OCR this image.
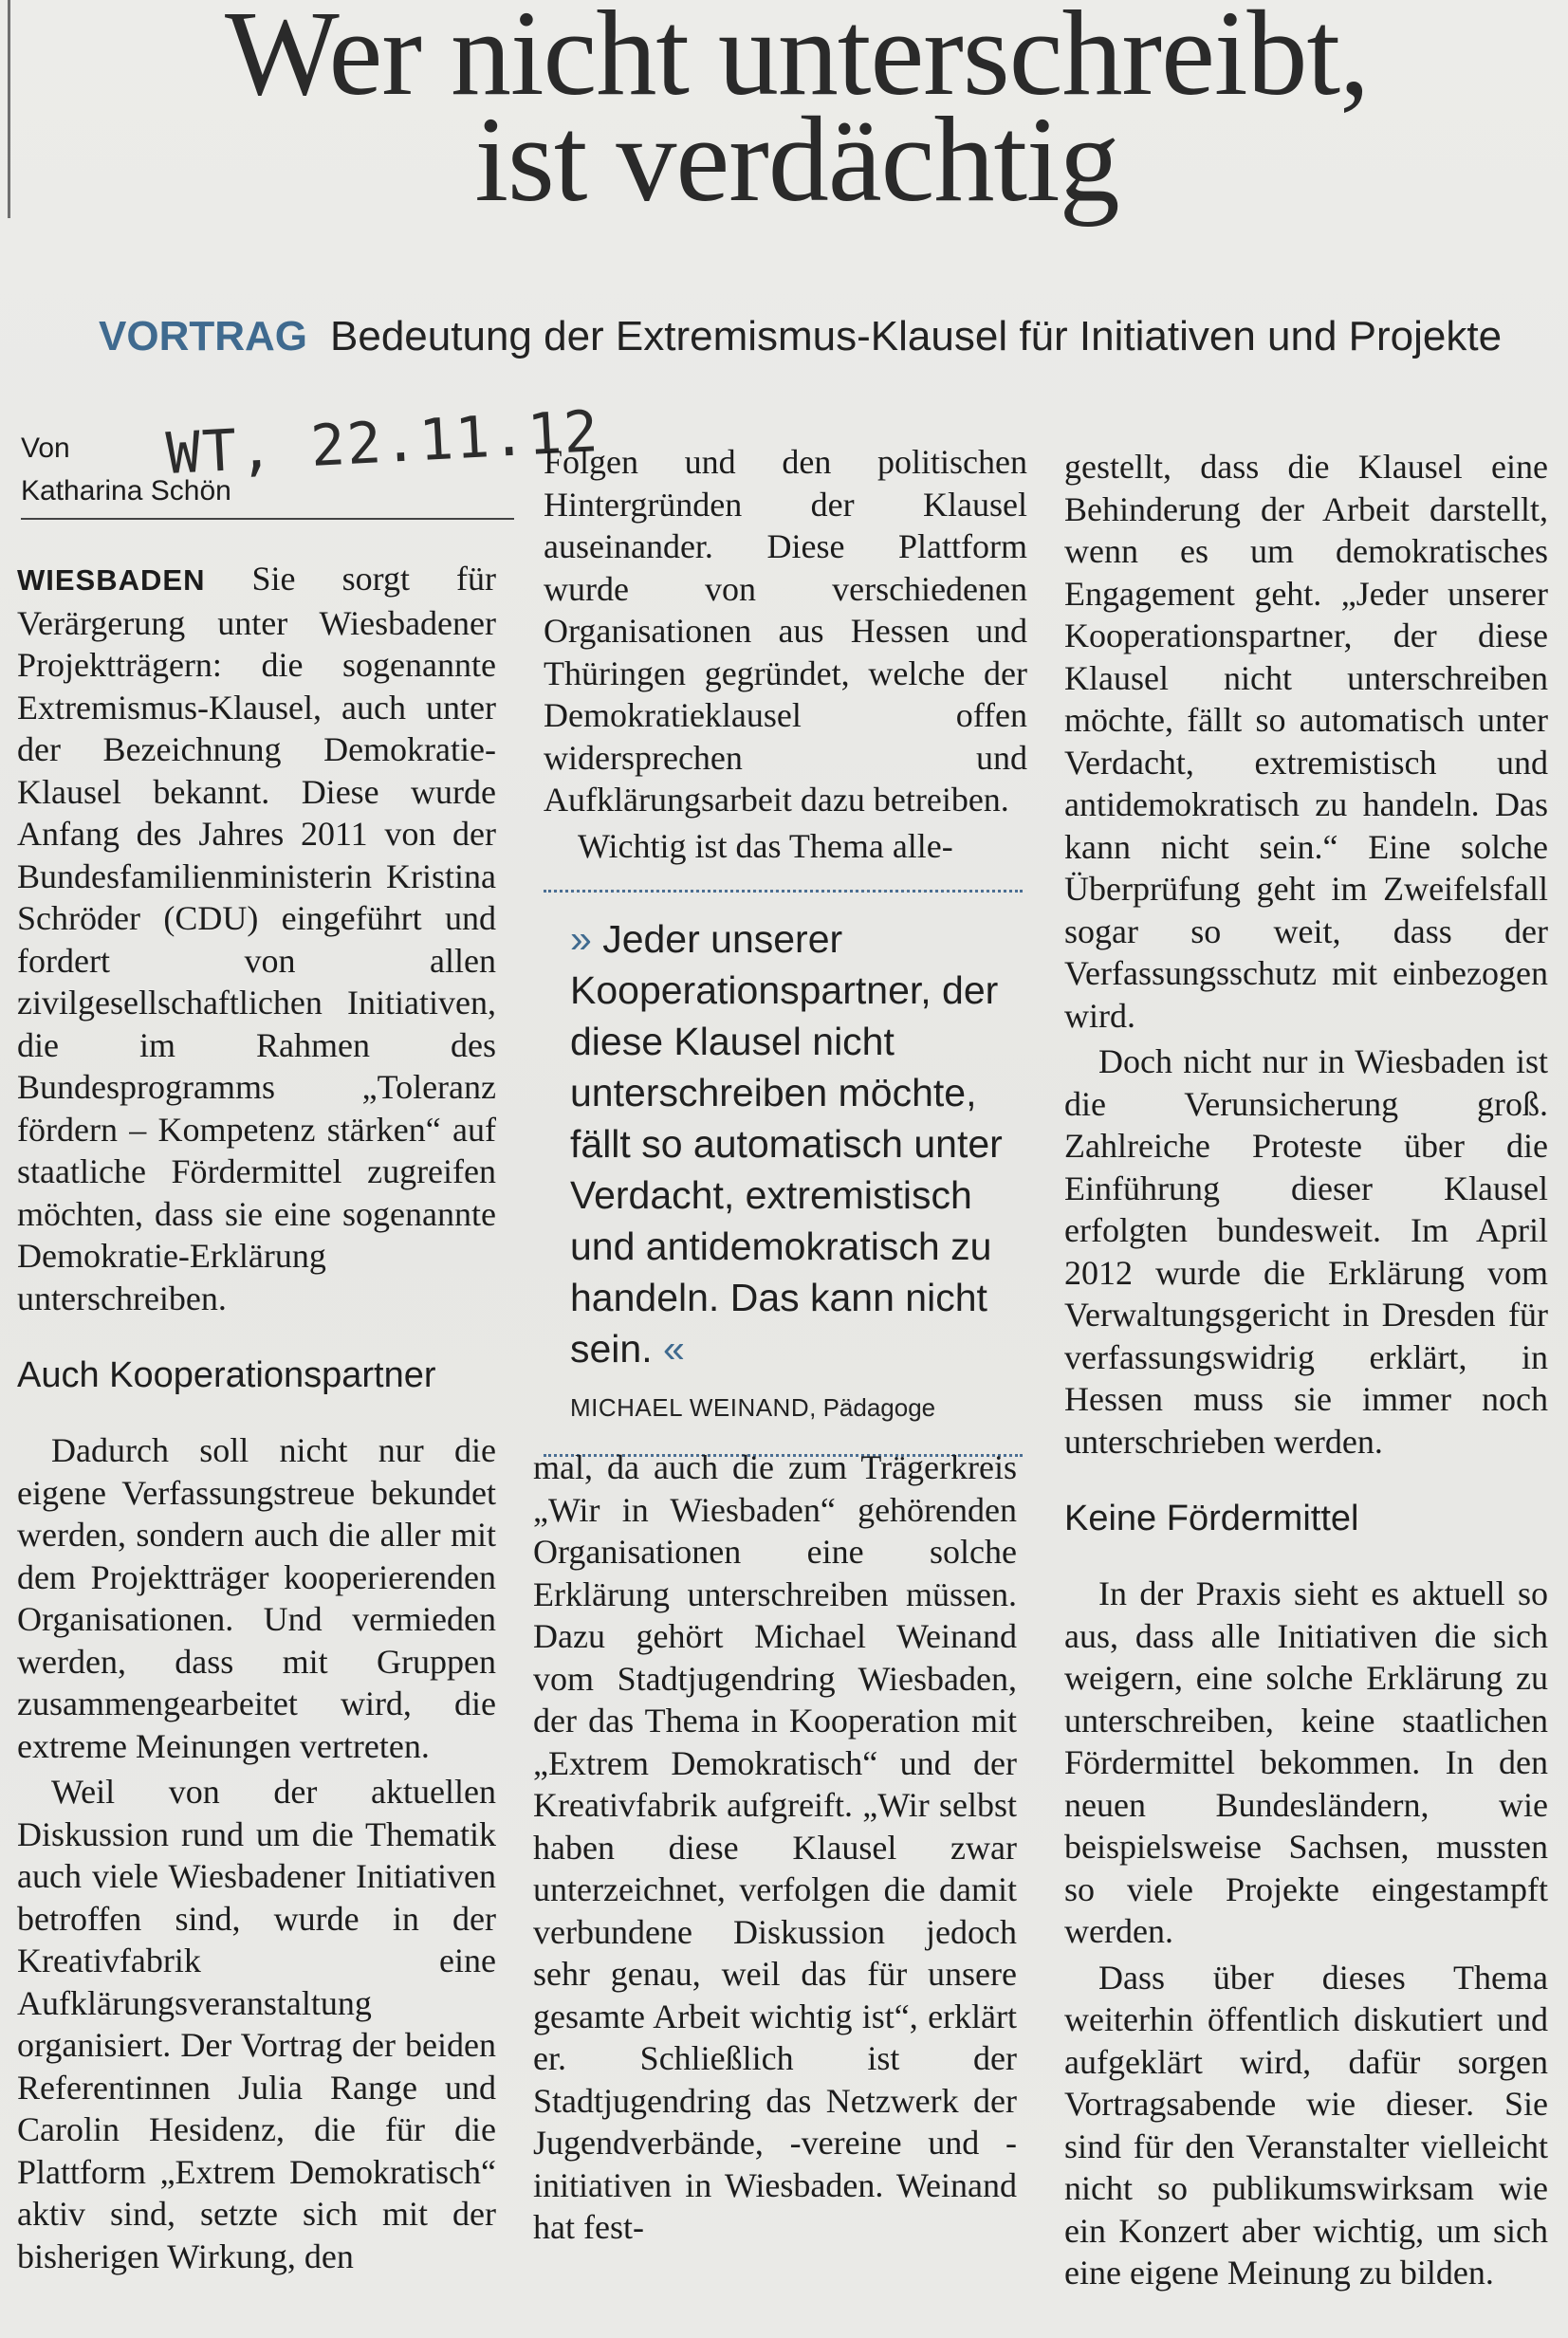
Wer nicht unterschreibt,
ist verdächtig
VORTRAG Bedeutung der Extremismus-Klausel für Initiativen und Projekte
Von
Katharina Schön
WT, 22.11.12

WIESBADEN Sie sorgt für Verärgerung unter Wiesbadener Projektträgern: die sogenannte Extremismus-Klausel, auch unter der Bezeichnung Demokratie-Klausel bekannt. Diese wurde Anfang des Jahres 2011 von der Bundesfamilienministerin Kristina Schröder (CDU) eingeführt und fordert von allen zivilgesellschaftlichen Initiativen, die im Rahmen des Bundesprogramms „Toleranz fördern – Kompetenz stärken“ auf staatliche Fördermittel zugreifen möchten, dass sie eine sogenannte Demokratie-Erklärung unterschreiben.

Auch Kooperationspartner

Dadurch soll nicht nur die eigene Verfassungstreue bekundet werden, sondern auch die aller mit dem Projektträger kooperierenden Organisationen. Und vermieden werden, dass mit Gruppen zusammengearbeitet wird, die extreme Meinungen vertreten.

Weil von der aktuellen Diskussion rund um die Thematik auch viele Wiesbadener Initiativen betroffen sind, wurde in der Kreativfabrik eine Aufklärungsveranstaltung organisiert. Der Vortrag der beiden Referentinnen Julia Range und Carolin Hesidenz, die für die Plattform „Extrem Demokratisch“ aktiv sind, setzte sich mit der bisherigen Wirkung, den

Folgen und den politischen Hintergründen der Klausel auseinander. Diese Plattform wurde von verschiedenen Organisationen aus Hessen und Thüringen gegründet, welche der Demokratieklausel offen widersprechen und Aufklärungsarbeit dazu betreiben.

Wichtig ist das Thema alle-

» Jeder unserer Kooperationspartner, der diese Klausel nicht unterschreiben möchte, fällt so automatisch unter Verdacht, extremistisch und antidemokratisch zu handeln. Das kann nicht sein. «

MICHAEL WEINAND, Pädagoge

mal, da auch die zum Trägerkreis „Wir in Wiesbaden“ gehörenden Organisationen eine solche Erklärung unterschreiben müssen. Dazu gehört Michael Weinand vom Stadtjugendring Wiesbaden, der das Thema in Kooperation mit „Extrem Demokratisch“ und der Kreativfabrik aufgreift. „Wir selbst haben diese Klausel zwar unterzeichnet, verfolgen die damit verbundene Diskussion jedoch sehr genau, weil das für unsere gesamte Arbeit wichtig ist“, erklärt er. Schließlich ist der Stadtjugendring das Netzwerk der Jugendverbände, -vereine und -initiativen in Wiesbaden. Weinand hat fest-

gestellt, dass die Klausel eine Behinderung der Arbeit darstellt, wenn es um demokratisches Engagement geht. „Jeder unserer Kooperationspartner, der diese Klausel nicht unterschreiben möchte, fällt so automatisch unter Verdacht, extremistisch und antidemokratisch zu handeln. Das kann nicht sein.“ Eine solche Überprüfung geht im Zweifelsfall sogar so weit, dass der Verfassungsschutz mit einbezogen wird.

Doch nicht nur in Wiesbaden ist die Verunsicherung groß. Zahlreiche Proteste über die Einführung dieser Klausel erfolgten bundesweit. Im April 2012 wurde die Erklärung vom Verwaltungsgericht in Dresden für verfassungswidrig erklärt, in Hessen muss sie immer noch unterschrieben werden.

Keine Fördermittel

In der Praxis sieht es aktuell so aus, dass alle Initiativen die sich weigern, eine solche Erklärung zu unterschreiben, keine staatlichen Fördermittel bekommen. In den neuen Bundesländern, wie beispielsweise Sachsen, mussten so viele Projekte eingestampft werden.

Dass über dieses Thema weiterhin öffentlich diskutiert und aufgeklärt wird, dafür sorgen Vortragsabende wie dieser. Sie sind für den Veranstalter vielleicht nicht so publikumswirksam wie ein Konzert aber wichtig, um sich eine eigene Meinung zu bilden.
